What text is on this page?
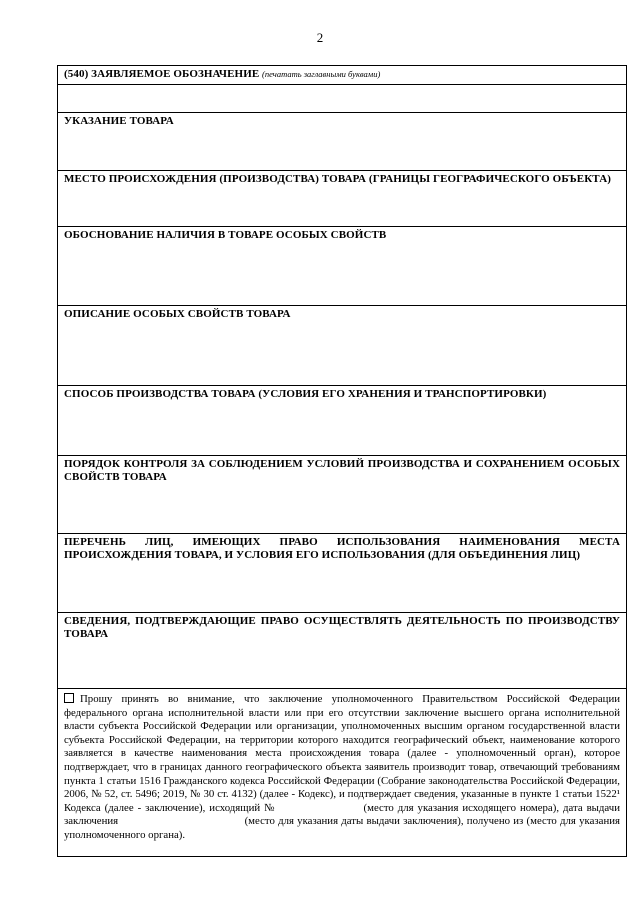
2
(540) ЗАЯВЛЯЕМОЕ ОБОЗНАЧЕНИЕ (печатать заглавными буквами)
УКАЗАНИЕ ТОВАРА
МЕСТО ПРОИСХОЖДЕНИЯ (ПРОИЗВОДСТВА) ТОВАРА (ГРАНИЦЫ ГЕОГРАФИЧЕСКОГО ОБЪЕКТА)
ОБОСНОВАНИЕ НАЛИЧИЯ В ТОВАРЕ ОСОБЫХ СВОЙСТВ
ОПИСАНИЕ ОСОБЫХ СВОЙСТВ ТОВАРА
СПОСОБ ПРОИЗВОДСТВА ТОВАРА (УСЛОВИЯ ЕГО ХРАНЕНИЯ И ТРАНСПОРТИРОВКИ)
ПОРЯДОК КОНТРОЛЯ ЗА СОБЛЮДЕНИЕМ УСЛОВИЙ ПРОИЗВОДСТВА И СОХРАНЕНИЕМ ОСОБЫХ СВОЙСТВ ТОВАРА
ПЕРЕЧЕНЬ ЛИЦ, ИМЕЮЩИХ ПРАВО ИСПОЛЬЗОВАНИЯ НАИМЕНОВАНИЯ МЕСТА ПРОИСХОЖДЕНИЯ ТОВАРА, И УСЛОВИЯ ЕГО ИСПОЛЬЗОВАНИЯ (ДЛЯ ОБЪЕДИНЕНИЯ ЛИЦ)
СВЕДЕНИЯ, ПОДТВЕРЖДАЮЩИЕ ПРАВО ОСУЩЕСТВЛЯТЬ ДЕЯТЕЛЬНОСТЬ ПО ПРОИЗВОДСТВУ ТОВАРА
Прошу принять во внимание, что заключение уполномоченного Правительством Российской Федерации федерального органа исполнительной власти или при его отсутствии заключение высшего органа исполнительной власти субъекта Российской Федерации или организации, уполномоченных высшим органом государственной власти субъекта Российской Федерации, на территории которого находится географический объект, наименование которого заявляется в качестве наименования места происхождения товара (далее - уполномоченный орган), которое подтверждает, что в границах данного географического объекта заявитель производит товар, отвечающий требованиям пункта 1 статьи 1516 Гражданского кодекса Российской Федерации (Собрание законодательства Российской Федерации, 2006, № 52, ст. 5496; 2019, № 30 ст. 4132) (далее - Кодекс), и подтверждает сведения, указанные в пункте 1 статьи 1522¹ Кодекса (далее - заключение), исходящий №	(место для указания исходящего номера), дата выдачи заключения	(место для указания даты выдачи заключения), получено из (место для указания уполномоченного органа).
